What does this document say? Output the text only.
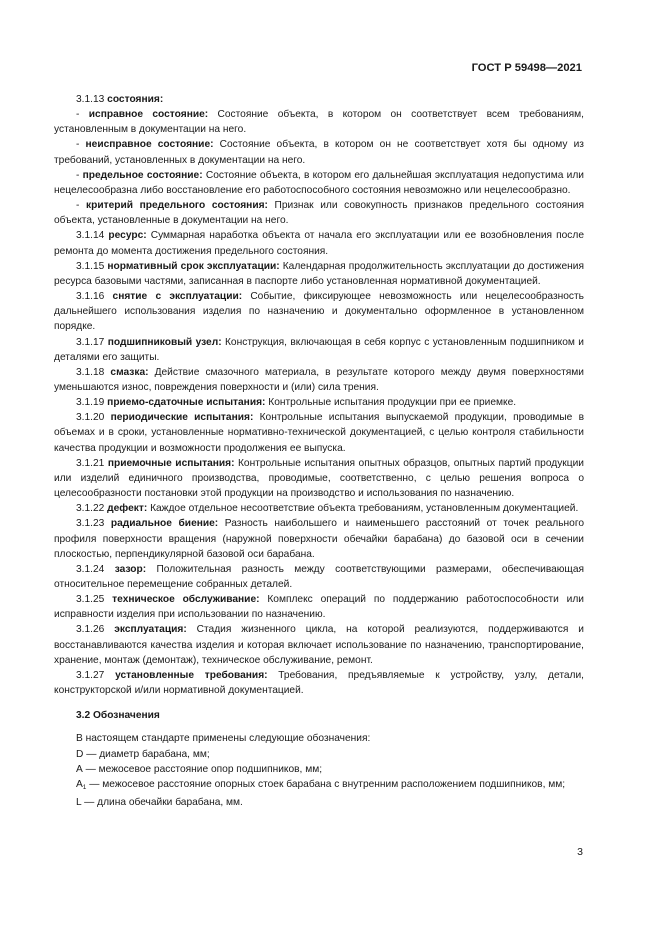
ГОСТ Р 59498—2021

3.1.13 состояния:

- исправное состояние: Состояние объекта, в котором он соответствует всем требованиям, установленным в документации на него.

- неисправное состояние: Состояние объекта, в котором он не соответствует хотя бы одному из требований, установленных в документации на него.

- предельное состояние: Состояние объекта, в котором его дальнейшая эксплуатация недопустима или нецелесообразна либо восстановление его работоспособного состояния невозможно или нецелесообразно.

- критерий предельного состояния: Признак или совокупность признаков предельного состояния объекта, установленные в документации на него.

3.1.14 ресурс: Суммарная наработка объекта от начала его эксплуатации или ее возобновления после ремонта до момента достижения предельного состояния.

3.1.15 нормативный срок эксплуатации: Календарная продолжительность эксплуатации до достижения ресурса базовыми частями, записанная в паспорте либо установленная нормативной документацией.

3.1.16 снятие с эксплуатации: Событие, фиксирующее невозможность или нецелесообразность дальнейшего использования изделия по назначению и документально оформленное в установленном порядке.

3.1.17 подшипниковый узел: Конструкция, включающая в себя корпус с установленным подшипником и деталями его защиты.

3.1.18 смазка: Действие смазочного материала, в результате которого между двумя поверхностями уменьшаются износ, повреждения поверхности и (или) сила трения.

3.1.19 приемо-сдаточные испытания: Контрольные испытания продукции при ее приемке.

3.1.20 периодические испытания: Контрольные испытания выпускаемой продукции, проводимые в объемах и в сроки, установленные нормативно-технической документацией, с целью контроля стабильности качества продукции и возможности продолжения ее выпуска.

3.1.21 приемочные испытания: Контрольные испытания опытных образцов, опытных партий продукции или изделий единичного производства, проводимые, соответственно, с целью решения вопроса о целесообразности постановки этой продукции на производство и использования по назначению.

3.1.22 дефект: Каждое отдельное несоответствие объекта требованиям, установленным документацией.

3.1.23 радиальное биение: Разность наибольшего и наименьшего расстояний от точек реального профиля поверхности вращения (наружной поверхности обечайки барабана) до базовой оси в сечении плоскостью, перпендикулярной базовой оси барабана.

3.1.24 зазор: Положительная разность между соответствующими размерами, обеспечивающая относительное перемещение собранных деталей.

3.1.25 техническое обслуживание: Комплекс операций по поддержанию работоспособности или исправности изделия при использовании по назначению.

3.1.26 эксплуатация: Стадия жизненного цикла, на которой реализуются, поддерживаются и восстанавливаются качества изделия и которая включает использование по назначению, транспортирование, хранение, монтаж (демонтаж), техническое обслуживание, ремонт.

3.1.27 установленные требования: Требования, предъявляемые к устройству, узлу, детали, конструкторской и/или нормативной документацией.

3.2 Обозначения
В настоящем стандарте применены следующие обозначения:
D — диаметр барабана, мм;
А — межосевое расстояние опор подшипников, мм;
$А_1$ — межосевое расстояние опорных стоек барабана с внутренним расположением подшипников, мм;
L — длина обечайки барабана, мм.
3
